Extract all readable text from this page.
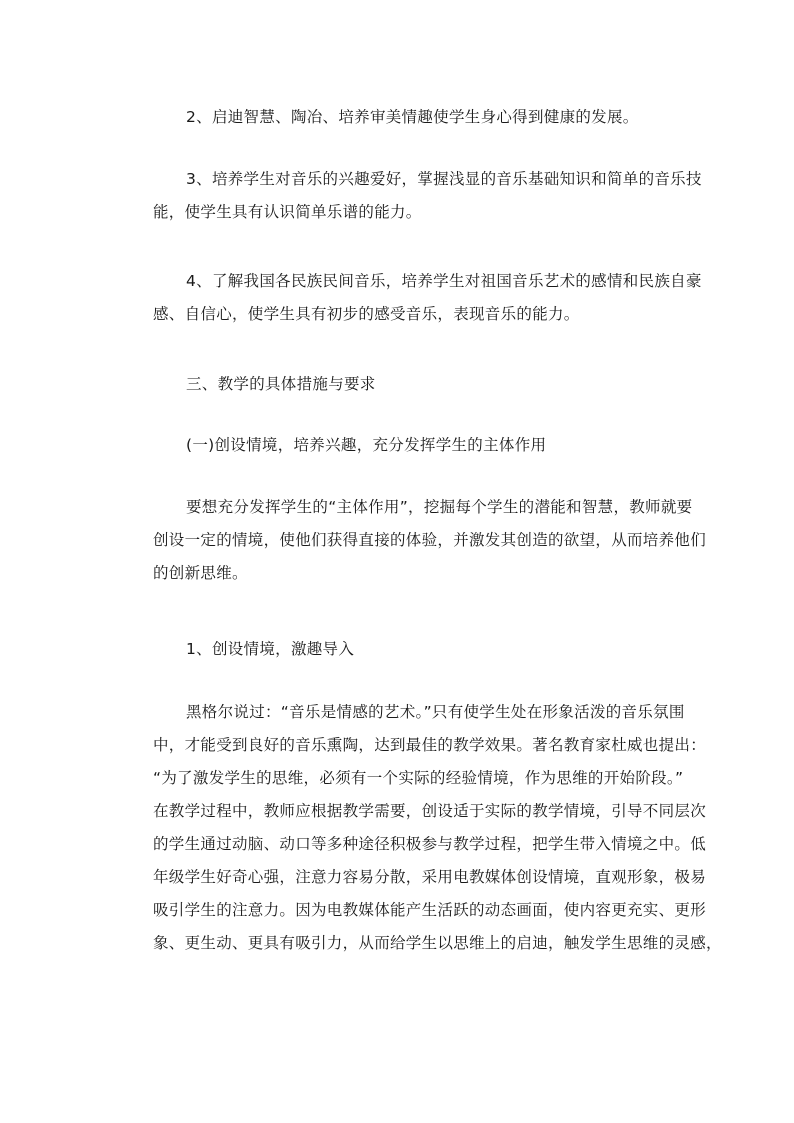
2、启迪智慧、陶冶、培养审美情趣使学生身心得到健康的发展。
3、培养学生对音乐的兴趣爱好，掌握浅显的音乐基础知识和简单的音乐技
能，使学生具有认识简单乐谱的能力。
4、了解我国各民族民间音乐，培养学生对祖国音乐艺术的感情和民族自豪
感、自信心，使学生具有初步的感受音乐，表现音乐的能力。
三、教学的具体措施与要求
(一)创设情境，培养兴趣，充分发挥学生的主体作用
要想充分发挥学生的“主体作用”，挖掘每个学生的潜能和智慧，教师就要
创设一定的情境，使他们获得直接的体验，并激发其创造的欲望，从而培养他们
的创新思维。
1、创设情境，激趣导入
黑格尔说过：“音乐是情感的艺术。”只有使学生处在形象活泼的音乐氛围
中，才能受到良好的音乐熏陶，达到最佳的教学效果。著名教育家杜威也提出：
“为了激发学生的思维，必须有一个实际的经验情境，作为思维的开始阶段。”
在教学过程中，教师应根据教学需要，创设适于实际的教学情境，引导不同层次
的学生通过动脑、动口等多种途径积极参与教学过程，把学生带入情境之中。低
年级学生好奇心强，注意力容易分散，采用电教媒体创设情境，直观形象，极易
吸引学生的注意力。因为电教媒体能产生活跃的动态画面，使内容更充实、更形
象、更生动、更具有吸引力，从而给学生以思维上的启迪，触发学生思维的灵感，
